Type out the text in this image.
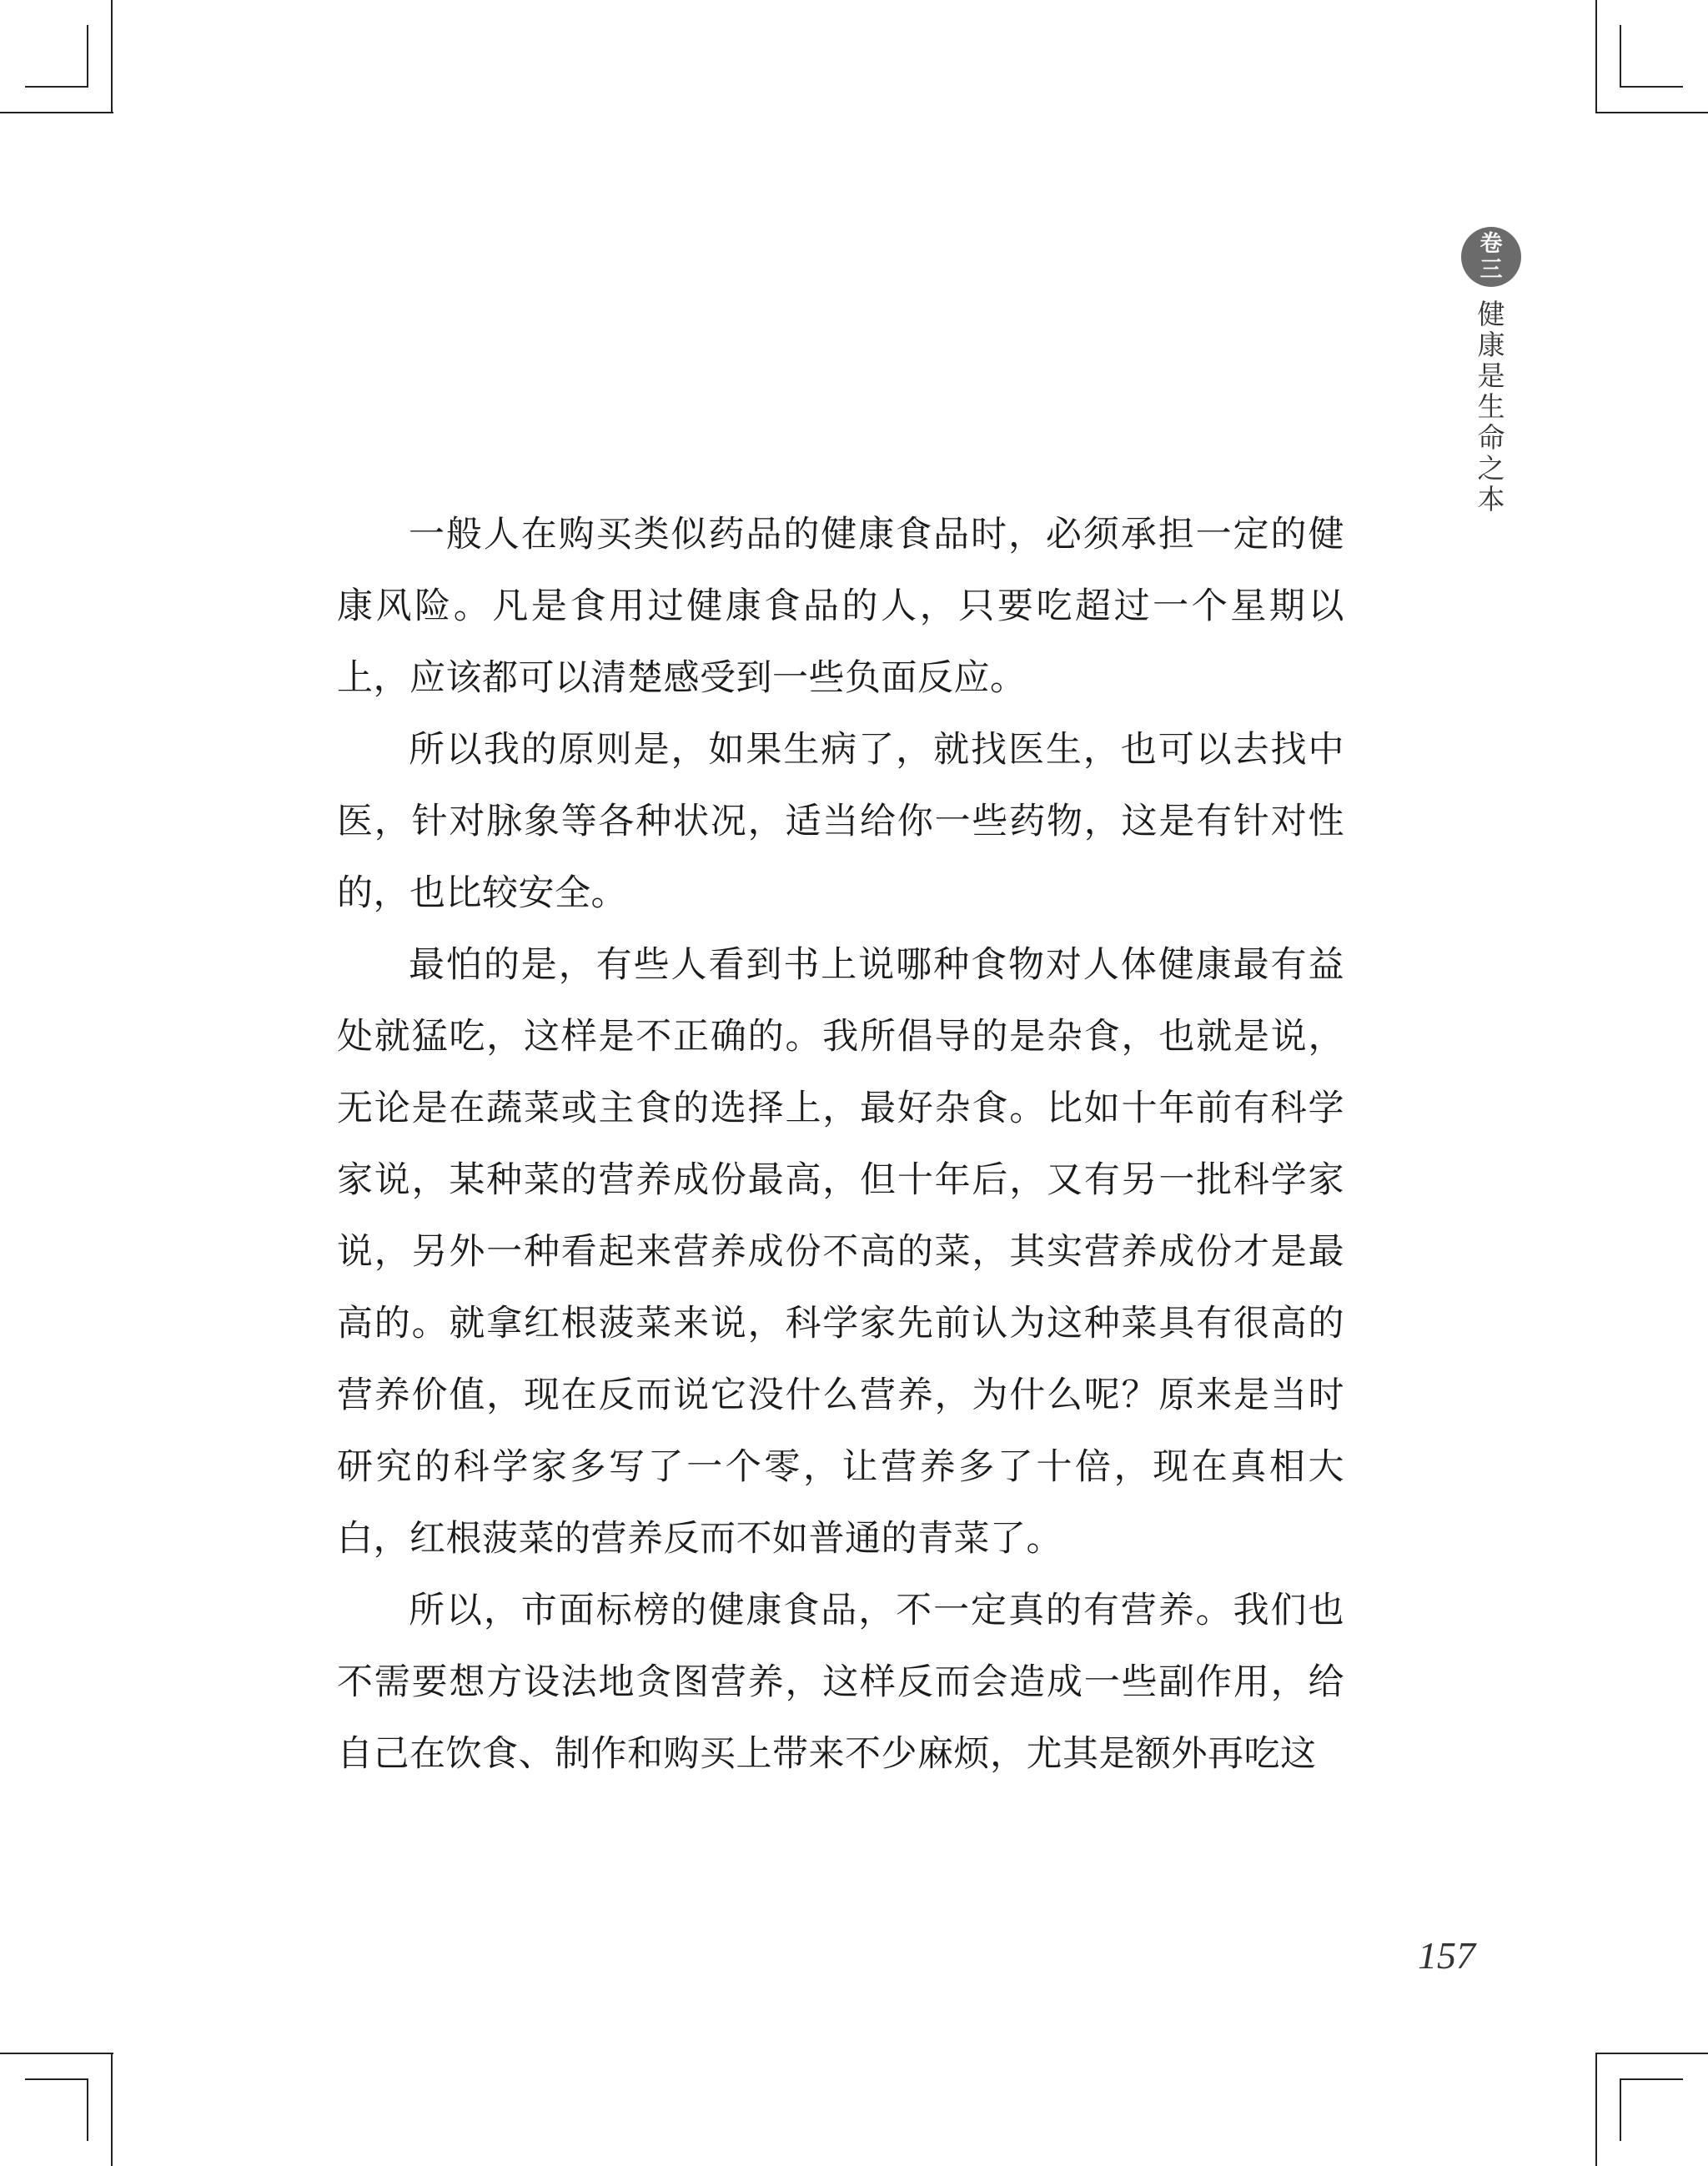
卷
三
健
康
是
生
命
之
本

一般人在购买类似药品的健康食品时，必须承担一定的健康风险。凡是食用过健康食品的人，只要吃超过一个星期以上，应该都可以清楚感受到一些负面反应。

所以我的原则是，如果生病了，就找医生，也可以去找中医，针对脉象等各种状况，适当给你一些药物，这是有针对性的，也比较安全。

最怕的是，有些人看到书上说哪种食物对人体健康最有益处就猛吃，这样是不正确的。我所倡导的是杂食，也就是说，无论是在蔬菜或主食的选择上，最好杂食。比如十年前有科学家说，某种菜的营养成份最高，但十年后，又有另一批科学家说，另外一种看起来营养成份不高的菜，其实营养成份才是最高的。就拿红根菠菜来说，科学家先前认为这种菜具有很高的营养价值，现在反而说它没什么营养，为什么呢？原来是当时研究的科学家多写了一个零，让营养多了十倍，现在真相大白，红根菠菜的营养反而不如普通的青菜了。

所以，市面标榜的健康食品，不一定真的有营养。我们也不需要想方设法地贪图营养，这样反而会造成一些副作用，给自己在饮食、制作和购买上带来不少麻烦，尤其是额外再吃这

157
